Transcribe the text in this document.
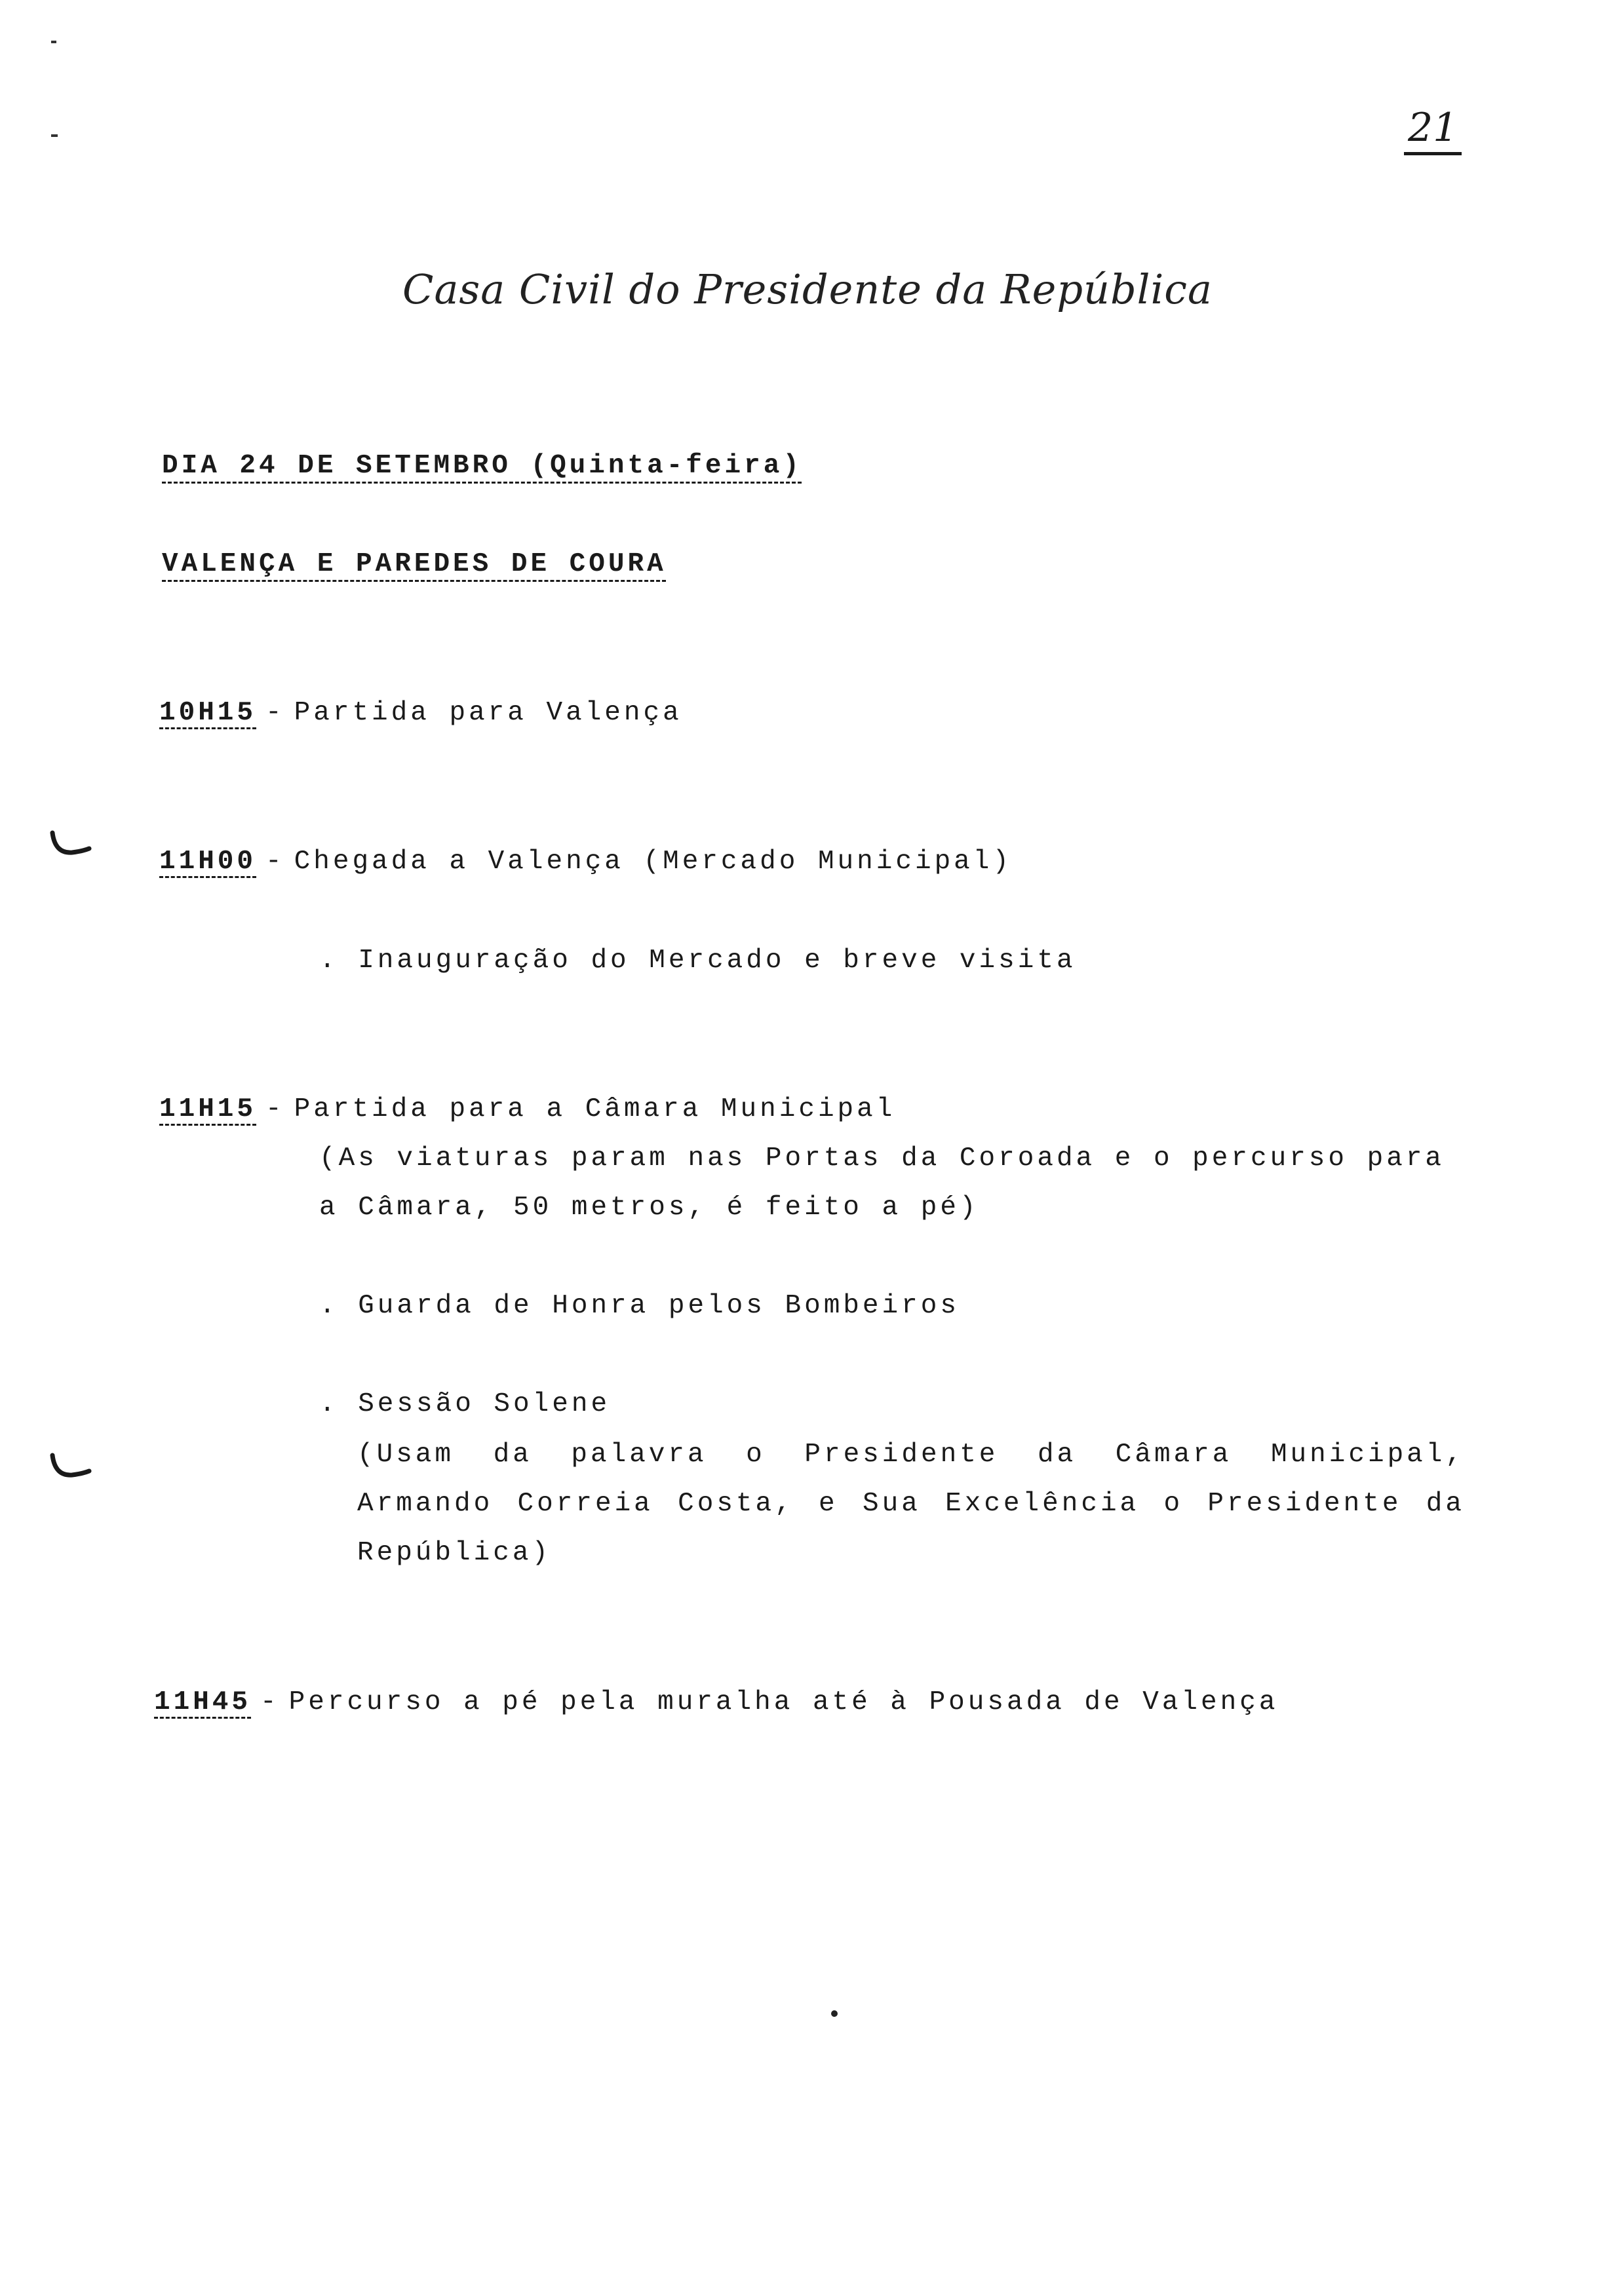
21
Casa Civil do Presidente da República
DIA 24 DE SETEMBRO (Quinta-feira)
VALENÇA E PAREDES DE COURA
10H15 - Partida para Valença
11H00 - Chegada a Valença (Mercado Municipal)
. Inauguração do Mercado e breve visita
11H15 - Partida para a Câmara Municipal
(As viaturas param nas Portas da Coroada e o percurso para
a Câmara, 50 metros, é feito a pé)
. Guarda de Honra pelos Bombeiros
. Sessão Solene
(Usam da palavra o Presidente da Câmara Municipal,
Armando Correia Costa, e Sua Excelência o Presidente da
República)
11H45 - Percurso a pé pela muralha até à Pousada de Valença
